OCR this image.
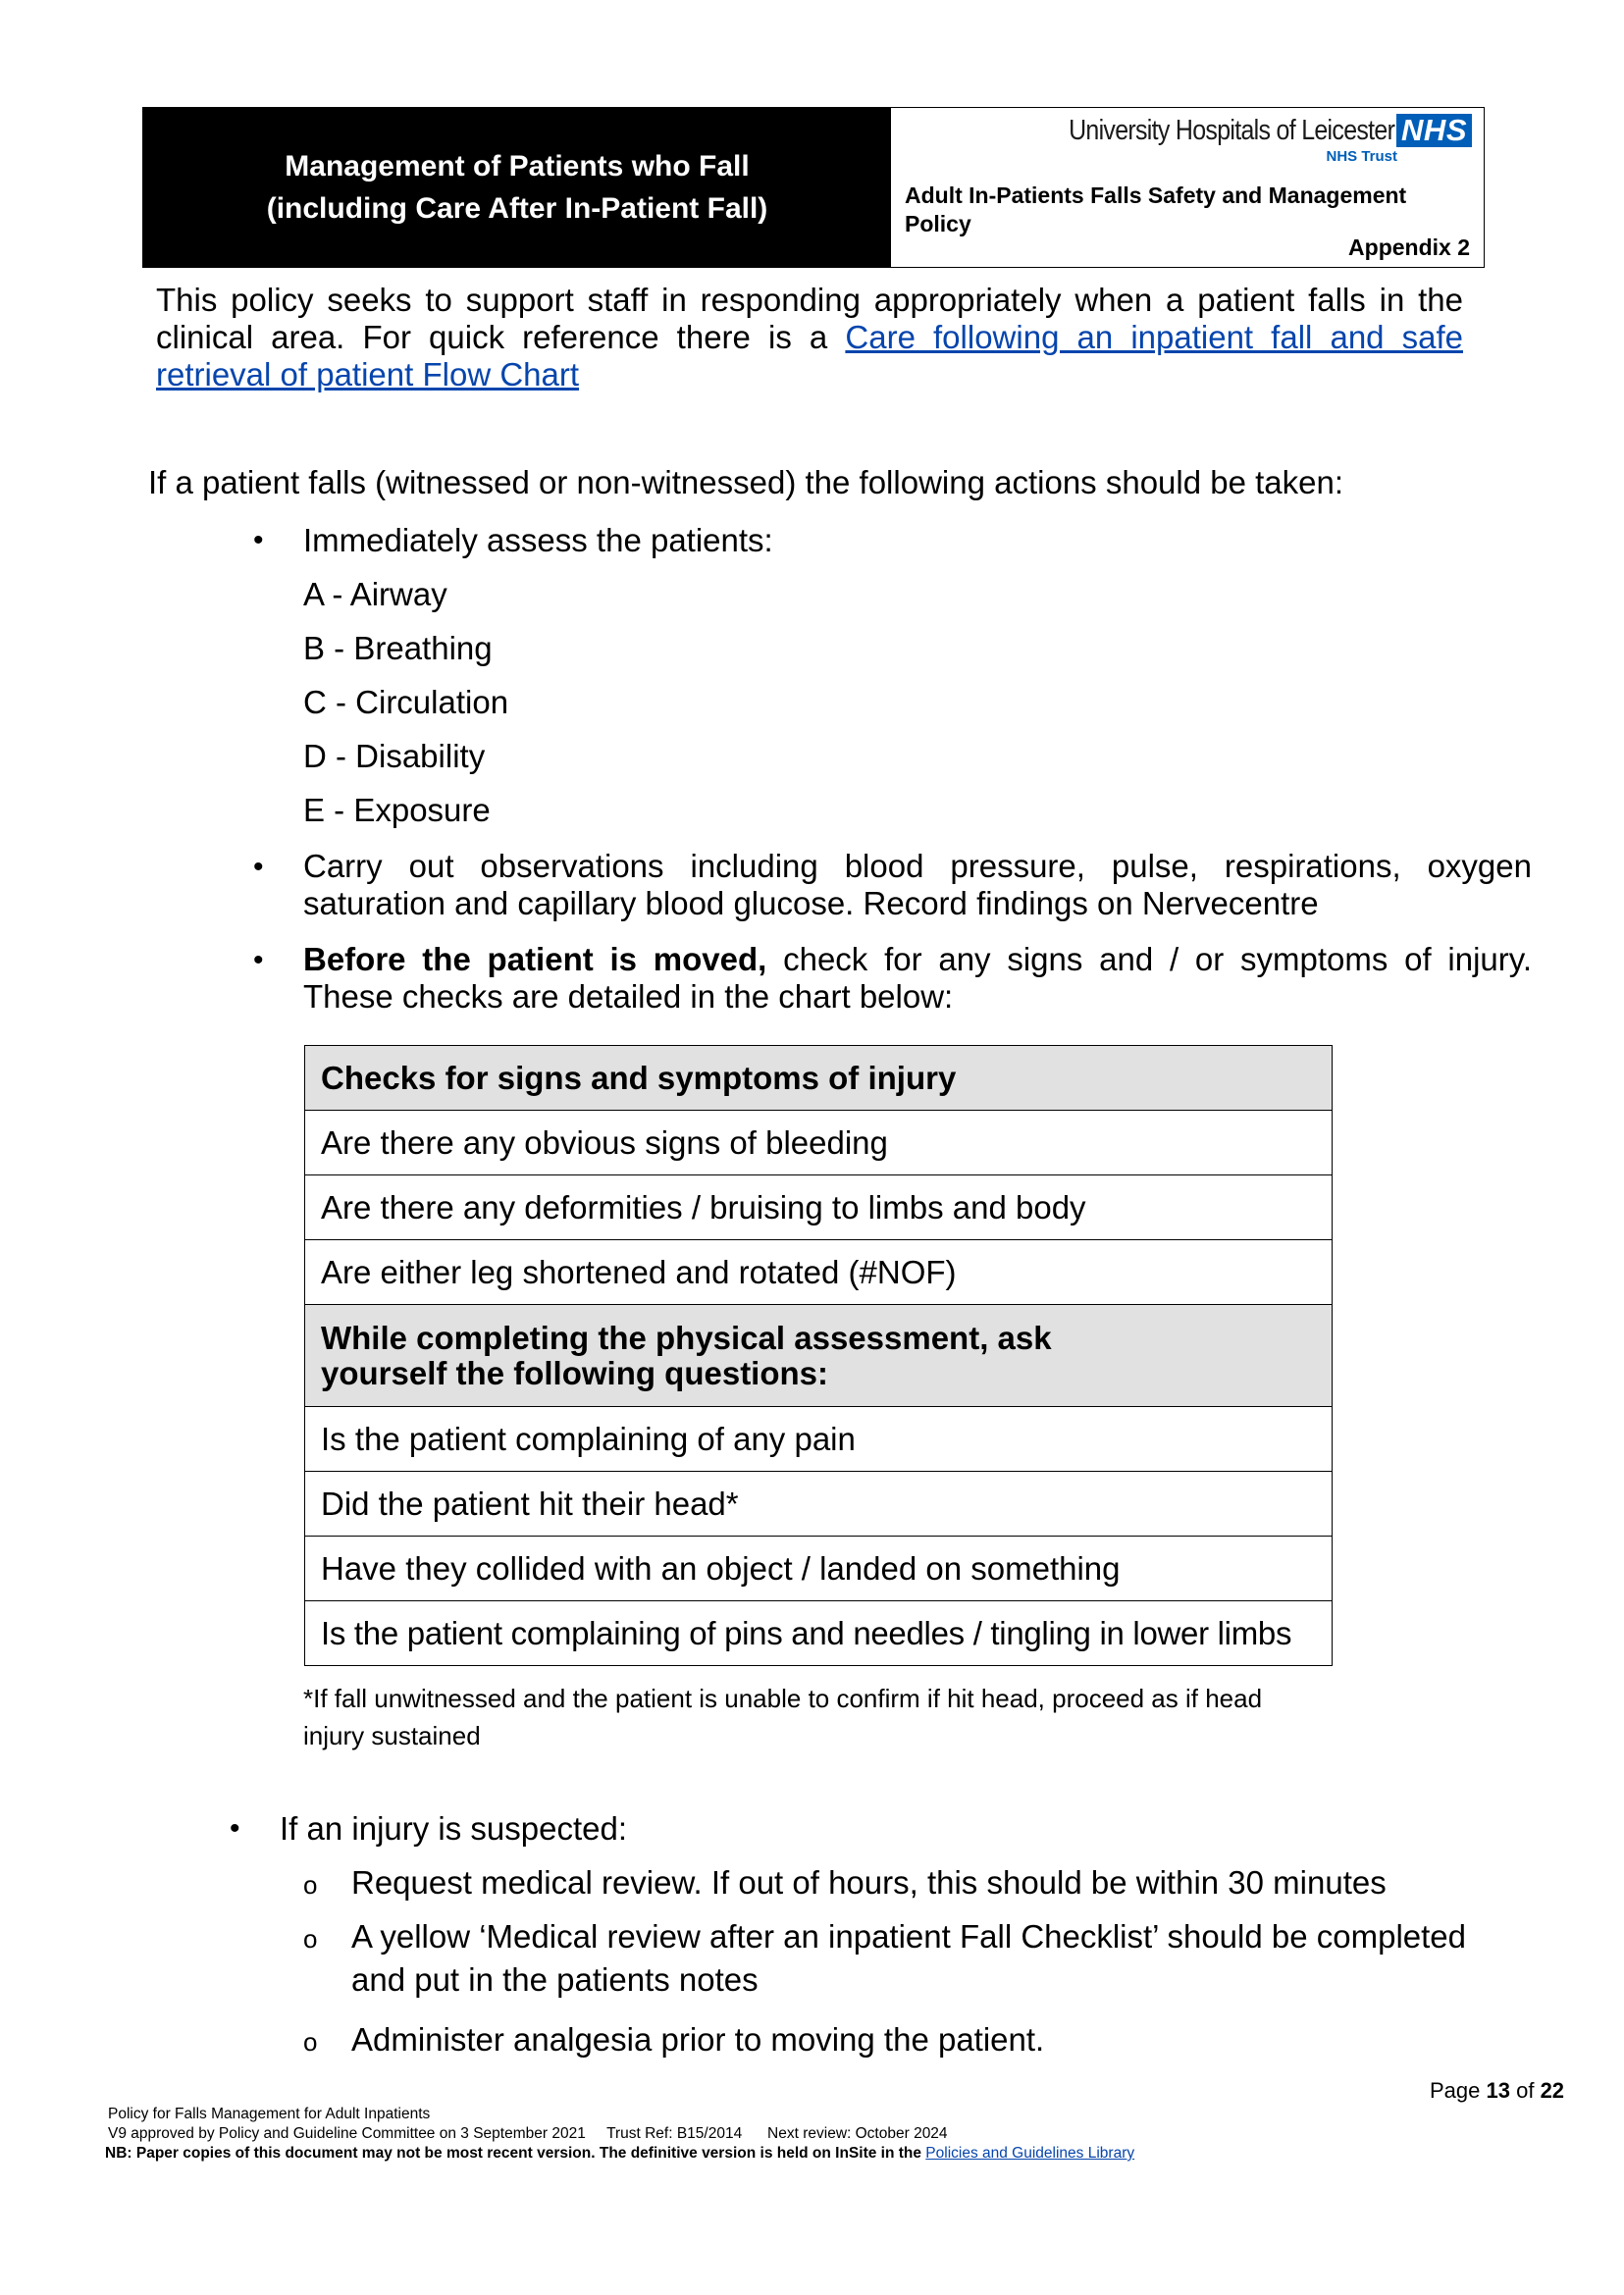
Management of Patients who Fall
(including Care After In-Patient Fall)
University Hospitals of Leicester NHS
NHS Trust
Adult In-Patients Falls Safety and Management Policy
Appendix 2
This policy seeks to support staff in responding appropriately when a patient falls in the clinical area. For quick reference there is a Care following an inpatient fall and safe retrieval of patient Flow Chart
If a patient falls (witnessed or non-witnessed) the following actions should be taken:
• Immediately assess the patients:
A - Airway
B - Breathing
C - Circulation
D - Disability
E - Exposure
• Carry out observations including blood pressure, pulse, respirations, oxygen
saturation and capillary blood glucose. Record findings on Nervecentre
• Before the patient is moved, check for any signs and / or symptoms of injury.
These checks are detailed in the chart below:
Checks for signs and symptoms of injury
Are there any obvious signs of bleeding
Are there any deformities / bruising to limbs and body
Are either leg shortened and rotated (#NOF)

While completing the physical assessment, ask
yourself the following questions:

Is the patient complaining of any pain
Did the patient hit their head*
Have they collided with an object / landed on something
Is the patient complaining of pins and needles / tingling in lower limbs
*If fall unwitnessed and the patient is unable to confirm if hit head, proceed as if head
injury sustained
• If an injury is suspected:
o Request medical review. If out of hours, this should be within 30 minutes
o A yellow ‘Medical review after an inpatient Fall Checklist’ should be completed
and put in the patients notes
o Administer analgesia prior to moving the patient.
Page 13 of 22
Policy for Falls Management for Adult Inpatients
V9 approved by Policy and Guideline Committee on 3 September 2021     Trust Ref: B15/2014      Next review: October 2024
NB: Paper copies of this document may not be most recent version. The definitive version is held on InSite in the Policies and Guidelines Library
